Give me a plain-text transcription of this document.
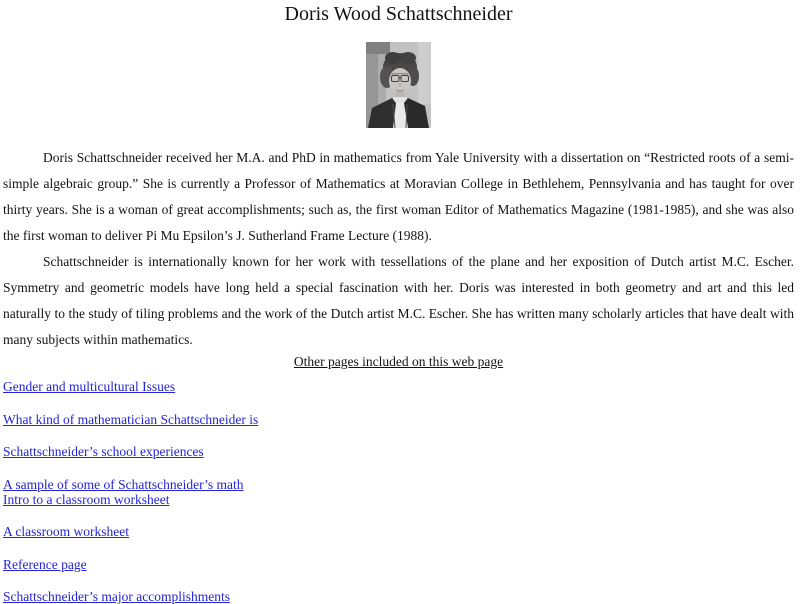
Doris Wood Schattschneider

Doris Schattschneider received her M.A. and PhD in mathematics from Yale University with a dissertation on “Restricted roots of a semi-simple algebraic group.” She is currently a Professor of Mathematics at Moravian College in Bethlehem, Pennsylvania and has taught for over thirty years. She is a woman of great accomplishments; such as, the first woman Editor of Mathematics Magazine (1981-1985), and she was also the first woman to deliver Pi Mu Epsilon’s J. Sutherland Frame Lecture (1988).

Schattschneider is internationally known for her work with tessellations of the plane and her exposition of Dutch artist M.C. Escher. Symmetry and geometric models have long held a special fascination with her. Doris was interested in both geometry and art and this led naturally to the study of tiling problems and the work of the Dutch artist M.C. Escher. She has written many scholarly articles that have dealt with many subjects within mathematics.

Other pages included on this web page

Gender and multicultural Issues

What kind of mathematician Schattschneider is

Schattschneider’s school experiences

A sample of some of Schattschneider’s math
Intro to a classroom worksheet

A classroom worksheet

Reference page

Schattschneider’s major accomplishments
